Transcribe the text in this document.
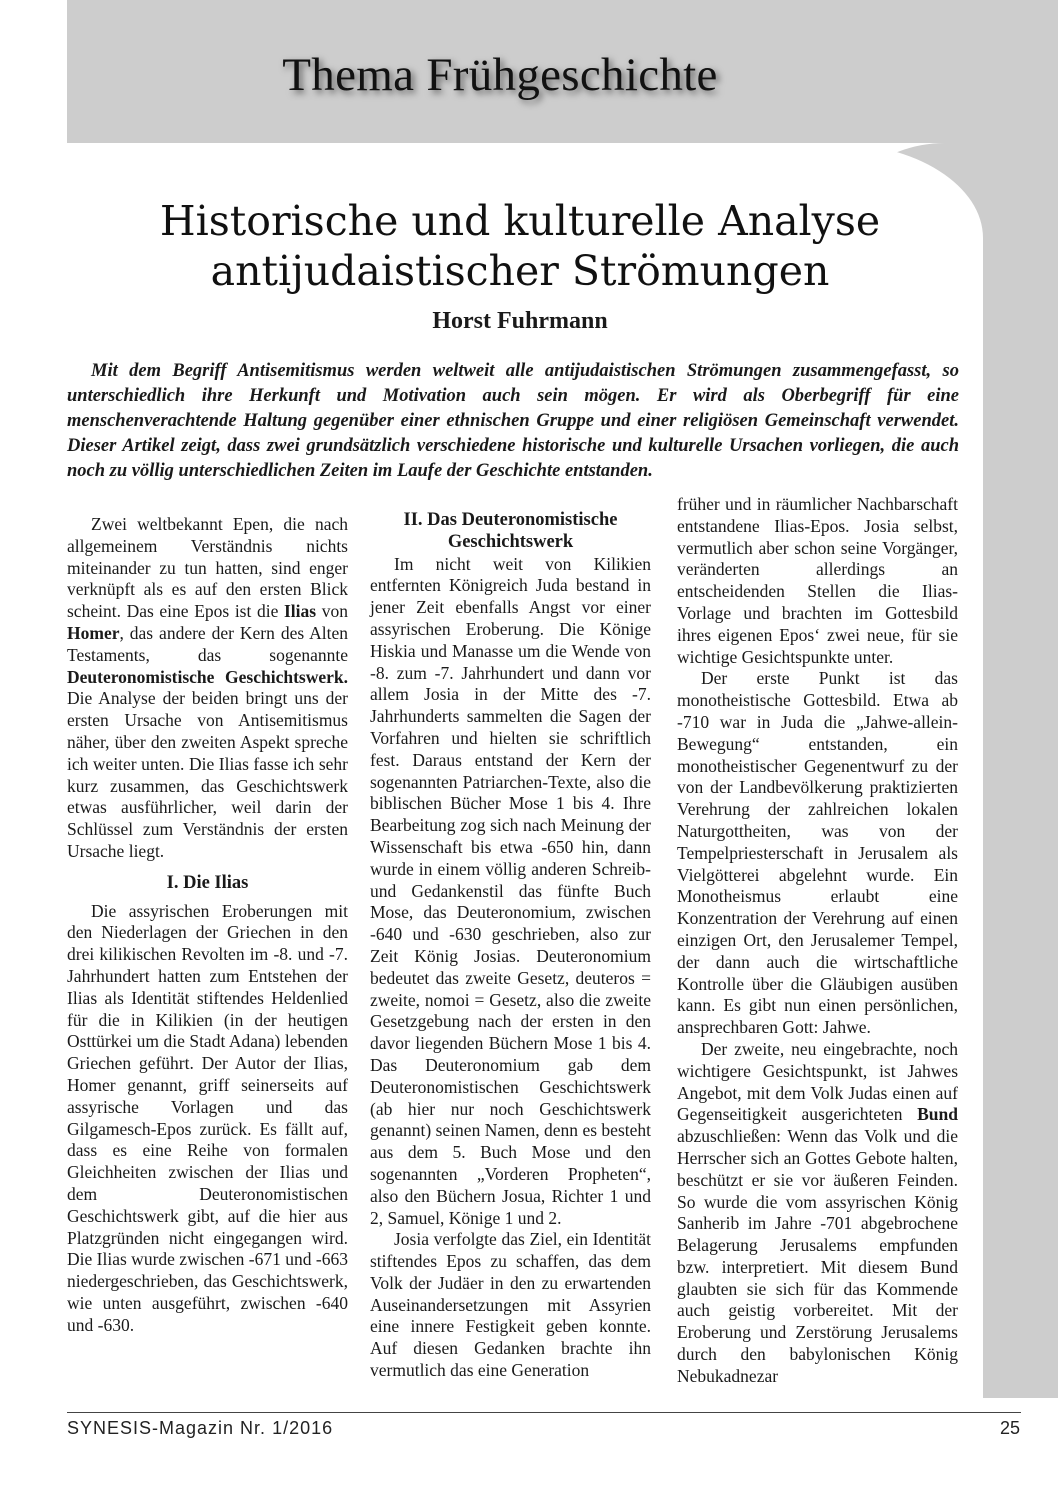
Thema Frühgeschichte
Historische und kulturelle Analyse
antijudaistischer Strömungen
Horst Fuhrmann

Mit dem Begriff Antisemitismus werden weltweit alle antijudaistischen Strömungen zusammengefasst, so unterschiedlich ihre Herkunft und Motivation auch sein mögen. Er wird als Oberbegriff für eine menschenverachtende Haltung gegenüber einer ethnischen Gruppe und einer religiösen Gemeinschaft verwendet. Dieser Artikel zeigt, dass zwei grundsätzlich verschiedene historische und kulturelle Ursachen vorliegen, die auch noch zu völlig unterschiedlichen Zeiten im Laufe der Geschichte entstanden.

Zwei weltbekannt Epen, die nach allgemeinem Verständnis nichts miteinander zu tun hatten, sind enger verknüpft als es auf den ersten Blick scheint. Das eine Epos ist die Ilias von Homer, das andere der Kern des Alten Testaments, das sogenannte Deuteronomistische Geschichtswerk. Die Analyse der beiden bringt uns der ersten Ursache von Antisemitismus näher, über den zweiten Aspekt spreche ich weiter unten. Die Ilias fasse ich sehr kurz zusammen, das Geschichtswerk etwas ausführlicher, weil darin der Schlüssel zum Verständnis der ersten Ursache liegt.

I. Die Ilias

Die assyrischen Eroberungen mit den Niederlagen der Griechen in den drei kilikischen Revolten im -8. und -7. Jahrhundert hatten zum Entstehen der Ilias als Identität stiftendes Heldenlied für die in Kilikien (in der heutigen Osttürkei um die Stadt Adana) lebenden Griechen geführt. Der Autor der Ilias, Homer genannt, griff seinerseits auf assyrische Vorlagen und das Gilgamesch-Epos zurück. Es fällt auf, dass es eine Reihe von formalen Gleichheiten zwischen der Ilias und dem Deuteronomistischen Geschichtswerk gibt, auf die hier aus Platzgründen nicht eingegangen wird. Die Ilias wurde zwischen -671 und -663 niedergeschrieben, das Geschichtswerk, wie unten ausgeführt, zwischen -640 und -630.

II. Das Deuteronomistische
Geschichtswerk

Im nicht weit von Kilikien entfernten Königreich Juda bestand in jener Zeit ebenfalls Angst vor einer assyrischen Eroberung. Die Könige Hiskia und Manasse um die Wende von -8. zum -7. Jahrhundert und dann vor allem Josia in der Mitte des -7. Jahrhunderts sammelten die Sagen der Vorfahren und hielten sie schriftlich fest. Daraus entstand der Kern der sogenannten Patriarchen-Texte, also die biblischen Bücher Mose 1 bis 4. Ihre Bearbeitung zog sich nach Meinung der Wissenschaft bis etwa -650 hin, dann wurde in einem völlig anderen Schreib- und Gedankenstil das fünfte Buch Mose, das Deuteronomium, zwischen -640 und -630 geschrieben, also zur Zeit König Josias. Deuteronomium bedeutet das zweite Gesetz, deuteros = zweite, nomoi = Gesetz, also die zweite Gesetzgebung nach der ersten in den davor liegenden Büchern Mose 1 bis 4. Das Deuteronomium gab dem Deuteronomistischen Geschichtswerk (ab hier nur noch Geschichtswerk genannt) seinen Namen, denn es besteht aus dem 5. Buch Mose und den sogenannten „Vorderen Propheten“, also den Büchern Josua, Richter 1 und 2, Samuel, Könige 1 und 2.

Josia verfolgte das Ziel, ein Identität stiftendes Epos zu schaffen, das dem Volk der Judäer in den zu erwartenden Auseinandersetzungen mit Assyrien eine innere Festigkeit geben konnte. Auf diesen Gedanken brachte ihn vermutlich das eine Generation

früher und in räumlicher Nachbarschaft entstandene Ilias-Epos. Josia selbst, vermutlich aber schon seine Vorgänger, veränderten allerdings an entscheidenden Stellen die Ilias-Vorlage und brachten im Gottesbild ihres eigenen Epos‘ zwei neue, für sie wichtige Gesichtspunkte unter.

Der erste Punkt ist das monotheistische Gottesbild. Etwa ab -710 war in Juda die „Jahwe-allein-Bewegung“ entstanden, ein monotheistischer Gegenentwurf zu der von der Landbevölkerung praktizierten Verehrung der zahlreichen lokalen Naturgottheiten, was von der Tempelpriesterschaft in Jerusalem als Vielgötterei abgelehnt wurde. Ein Monotheismus erlaubt eine Konzentration der Verehrung auf einen einzigen Ort, den Jerusalemer Tempel, der dann auch die wirtschaftliche Kontrolle über die Gläubigen ausüben kann. Es gibt nun einen persönlichen, ansprechbaren Gott: Jahwe.

Der zweite, neu eingebrachte, noch wichtigere Gesichtspunkt, ist Jahwes Angebot, mit dem Volk Judas einen auf Gegenseitigkeit ausgerichteten Bund abzuschließen: Wenn das Volk und die Herrscher sich an Gottes Gebote halten, beschützt er sie vor äußeren Feinden. So wurde die vom assyrischen König Sanherib im Jahre -701 abgebrochene Belagerung Jerusalems empfunden bzw. interpretiert. Mit diesem Bund glaubten sie sich für das Kommende auch geistig vorbereitet. Mit der Eroberung und Zerstörung Jerusalems durch den babylonischen König Nebukadnezar

SYNESIS-Magazin Nr. 1/2016	25
